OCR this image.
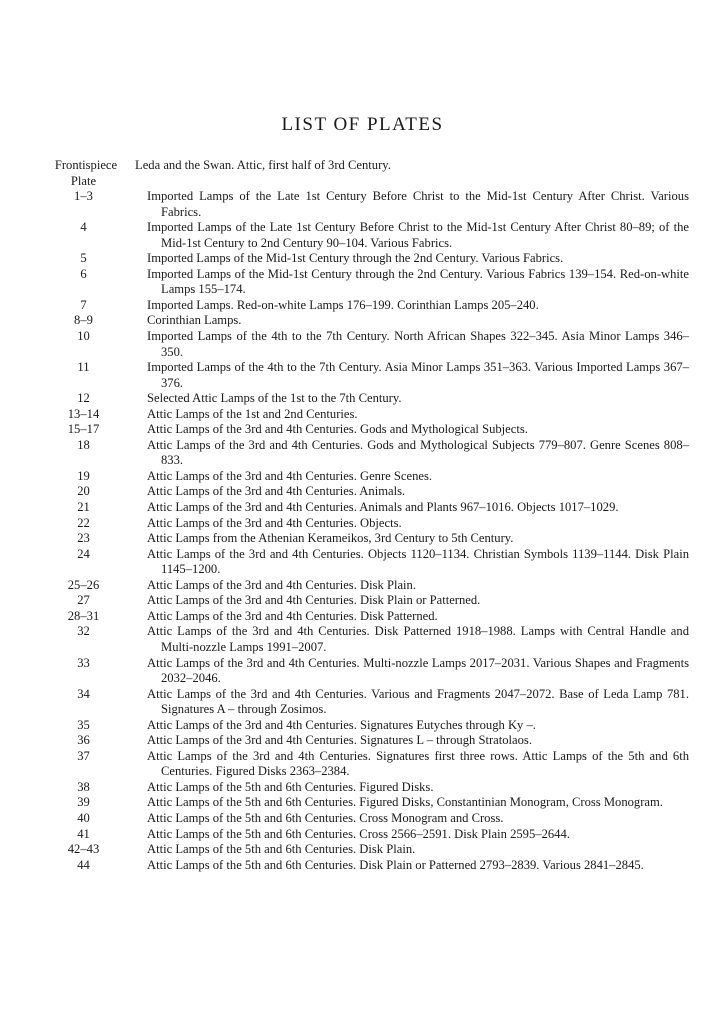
LIST OF PLATES
Frontispiece	Leda and the Swan. Attic, first half of 3rd Century.
Plate
1–3	Imported Lamps of the Late 1st Century Before Christ to the Mid-1st Century After Christ. Various Fabrics.
4	Imported Lamps of the Late 1st Century Before Christ to the Mid-1st Century After Christ 80–89; of the Mid-1st Century to 2nd Century 90–104. Various Fabrics.
5	Imported Lamps of the Mid-1st Century through the 2nd Century. Various Fabrics.
6	Imported Lamps of the Mid-1st Century through the 2nd Century. Various Fabrics 139–154. Red-on-white Lamps 155–174.
7	Imported Lamps. Red-on-white Lamps 176–199. Corinthian Lamps 205–240.
8–9	Corinthian Lamps.
10	Imported Lamps of the 4th to the 7th Century. North African Shapes 322–345. Asia Minor Lamps 346–350.
11	Imported Lamps of the 4th to the 7th Century. Asia Minor Lamps 351–363. Various Imported Lamps 367–376.
12	Selected Attic Lamps of the 1st to the 7th Century.
13–14	Attic Lamps of the 1st and 2nd Centuries.
15–17	Attic Lamps of the 3rd and 4th Centuries. Gods and Mythological Subjects.
18	Attic Lamps of the 3rd and 4th Centuries. Gods and Mythological Subjects 779–807. Genre Scenes 808–833.
19	Attic Lamps of the 3rd and 4th Centuries. Genre Scenes.
20	Attic Lamps of the 3rd and 4th Centuries. Animals.
21	Attic Lamps of the 3rd and 4th Centuries. Animals and Plants 967–1016. Objects 1017–1029.
22	Attic Lamps of the 3rd and 4th Centuries. Objects.
23	Attic Lamps from the Athenian Kerameikos, 3rd Century to 5th Century.
24	Attic Lamps of the 3rd and 4th Centuries. Objects 1120–1134. Christian Symbols 1139–1144. Disk Plain 1145–1200.
25–26	Attic Lamps of the 3rd and 4th Centuries. Disk Plain.
27	Attic Lamps of the 3rd and 4th Centuries. Disk Plain or Patterned.
28–31	Attic Lamps of the 3rd and 4th Centuries. Disk Patterned.
32	Attic Lamps of the 3rd and 4th Centuries. Disk Patterned 1918–1988. Lamps with Central Handle and Multi-nozzle Lamps 1991–2007.
33	Attic Lamps of the 3rd and 4th Centuries. Multi-nozzle Lamps 2017–2031. Various Shapes and Fragments 2032–2046.
34	Attic Lamps of the 3rd and 4th Centuries. Various and Fragments 2047–2072. Base of Leda Lamp 781. Signatures A – through Zosimos.
35	Attic Lamps of the 3rd and 4th Centuries. Signatures Eutyches through Ky –.
36	Attic Lamps of the 3rd and 4th Centuries. Signatures L – through Stratolaos.
37	Attic Lamps of the 3rd and 4th Centuries. Signatures first three rows. Attic Lamps of the 5th and 6th Centuries. Figured Disks 2363–2384.
38	Attic Lamps of the 5th and 6th Centuries. Figured Disks.
39	Attic Lamps of the 5th and 6th Centuries. Figured Disks, Constantinian Monogram, Cross Monogram.
40	Attic Lamps of the 5th and 6th Centuries. Cross Monogram and Cross.
41	Attic Lamps of the 5th and 6th Centuries. Cross 2566–2591. Disk Plain 2595–2644.
42–43	Attic Lamps of the 5th and 6th Centuries. Disk Plain.
44	Attic Lamps of the 5th and 6th Centuries. Disk Plain or Patterned 2793–2839. Various 2841–2845.
